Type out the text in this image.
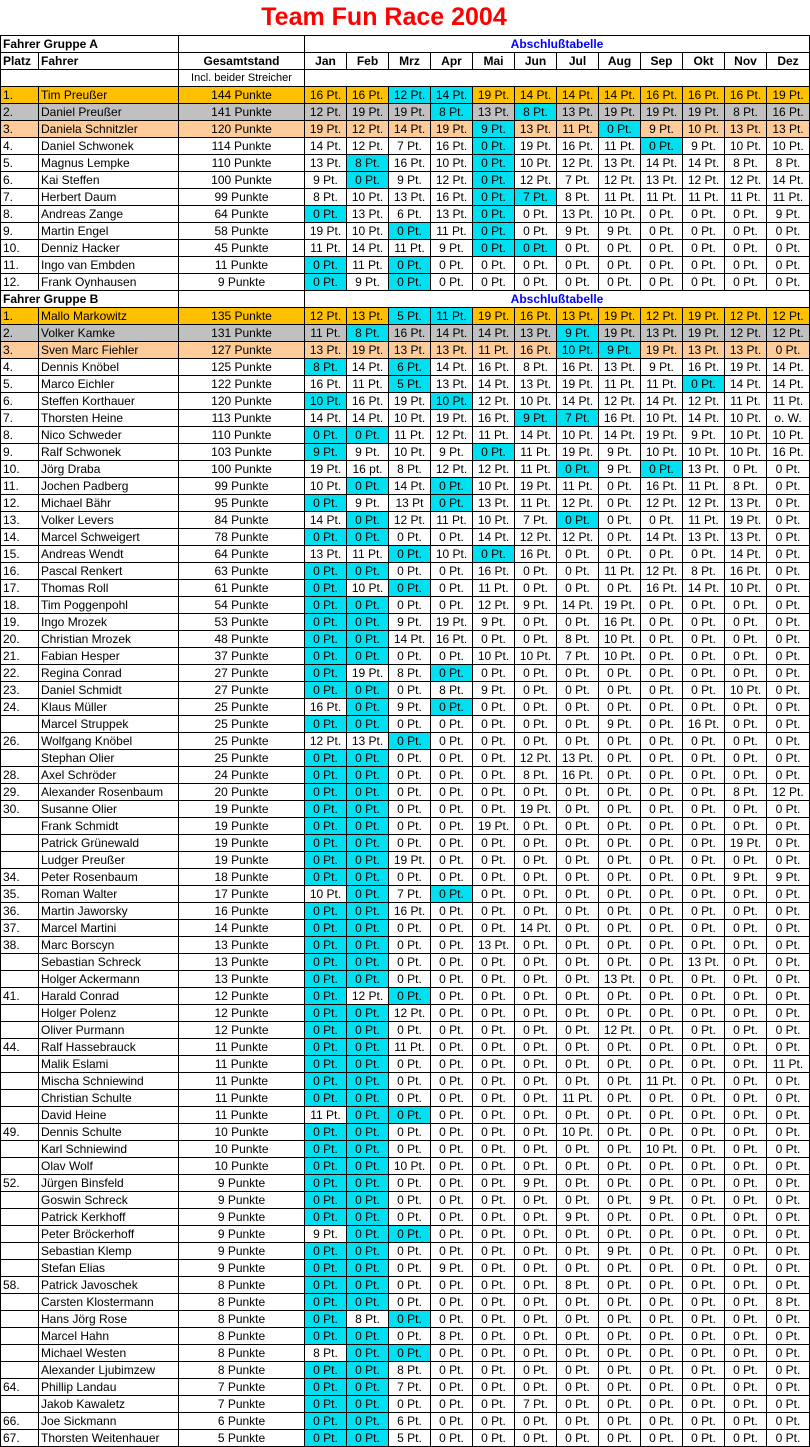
Team Fun Race 2004
Fahrer Gruppe A			Abschlußtabelle											
Platz	Fahrer	Gesamtstand	Jan	Feb	Mrz	Apr	Mai	Jun	Jul	Aug	Sep	Okt	Nov	Dez
		Incl. beider Streicher												
1.	Tim Preußer	144 Punkte	16 Pt.	16 Pt.	12 Pt.	14 Pt.	19 Pt.	14 Pt.	14 Pt.	14 Pt.	16 Pt.	16 Pt.	16 Pt.	19 Pt.
2.	Daniel Preußer	141 Punkte	12 Pt.	19 Pt.	19 Pt.	8 Pt.	13 Pt.	8 Pt.	13 Pt.	19 Pt.	19 Pt.	19 Pt.	8 Pt.	16 Pt.
3.	Daniela Schnitzler	120 Punkte	19 Pt.	12 Pt.	14 Pt.	19 Pt.	9 Pt.	13 Pt.	11 Pt.	0 Pt.	9 Pt.	10 Pt.	13 Pt.	13 Pt.
4.	Daniel Schwonek	114 Punkte	14 Pt.	12 Pt.	7 Pt.	16 Pt.	0 Pt.	19 Pt.	16 Pt.	11 Pt.	0 Pt.	9 Pt.	10 Pt.	10 Pt.
5.	Magnus Lempke	110 Punkte	13 Pt.	8 Pt.	16 Pt.	10 Pt.	0 Pt.	10 Pt.	12 Pt.	13 Pt.	14 Pt.	14 Pt.	8 Pt.	8 Pt.
6.	Kai Steffen	100 Punkte	9 Pt.	0 Pt.	9 Pt.	12 Pt.	0 Pt.	12 Pt.	7 Pt.	12 Pt.	13 Pt.	12 Pt.	12 Pt.	14 Pt.
7.	Herbert Daum	99 Punkte	8 Pt.	10 Pt.	13 Pt.	16 Pt.	0 Pt.	7 Pt.	8 Pt.	11 Pt.	11 Pt.	11 Pt.	11 Pt.	11 Pt.
8.	Andreas Zange	64 Punkte	0 Pt.	13 Pt.	6 Pt.	13 Pt.	0 Pt.	0 Pt.	13 Pt.	10 Pt.	0 Pt.	0 Pt.	0 Pt.	9 Pt.
9.	Martin Engel	58 Punkte	19 Pt.	10 Pt.	0 Pt.	11 Pt.	0 Pt.	0 Pt.	9 Pt.	9 Pt.	0 Pt.	0 Pt.	0 Pt.	0 Pt.
10.	Denniz Hacker	45 Punkte	11 Pt.	14 Pt.	11 Pt.	9 Pt.	0 Pt.	0 Pt.	0 Pt.	0 Pt.	0 Pt.	0 Pt.	0 Pt.	0 Pt.
11.	Ingo van Embden	11 Punkte	0 Pt.	11 Pt.	0 Pt.	0 Pt.	0 Pt.	0 Pt.	0 Pt.	0 Pt.	0 Pt.	0 Pt.	0 Pt.	0 Pt.
12.	Frank Oynhausen	9 Punkte	0 Pt.	9 Pt.	0 Pt.	0 Pt.	0 Pt.	0 Pt.	0 Pt.	0 Pt.	0 Pt.	0 Pt.	0 Pt.	0 Pt.
Fahrer Gruppe B			Abschlußtabelle											
1.	Mallo Markowitz	135 Punkte	12 Pt.	13 Pt.	5 Pt.	11 Pt.	19 Pt.	16 Pt.	13 Pt.	19 Pt.	12 Pt.	19 Pt.	12 Pt.	12 Pt.
2.	Volker Kamke	131 Punkte	11 Pt.	8 Pt.	16 Pt.	14 Pt.	14 Pt.	13 Pt.	9 Pt.	19 Pt.	13 Pt.	19 Pt.	12 Pt.	12 Pt.
3.	Sven Marc Fiehler	127 Punkte	13 Pt.	19 Pt.	13 Pt.	13 Pt.	11 Pt.	16 Pt.	10 Pt.	9 Pt.	19 Pt.	13 Pt.	13 Pt.	0 Pt.
4.	Dennis Knöbel	125 Punkte	8 Pt.	14 Pt.	6 Pt.	14 Pt.	16 Pt.	8 Pt.	16 Pt.	13 Pt.	9 Pt.	16 Pt.	19 Pt.	14 Pt.
5.	Marco Eichler	122 Punkte	16 Pt.	11 Pt.	5 Pt.	13 Pt.	14 Pt.	13 Pt.	19 Pt.	11 Pt.	11 Pt.	0 Pt.	14 Pt.	14 Pt.
6.	Steffen Korthauer	120 Punkte	10 Pt.	16 Pt.	19 Pt.	10 Pt.	12 Pt.	10 Pt.	14 Pt.	12 Pt.	14 Pt.	12 Pt.	11 Pt.	11 Pt.
7.	Thorsten Heine	113 Punkte	14 Pt.	14 Pt.	10 Pt.	19 Pt.	16 Pt.	9 Pt.	7 Pt.	16 Pt.	10 Pt.	14 Pt.	10 Pt.	o. W.
8.	Nico Schweder	110 Punkte	0 Pt.	0 Pt.	11 Pt.	12 Pt.	11 Pt.	14 Pt.	10 Pt.	14 Pt.	19 Pt.	9 Pt.	10 Pt.	10 Pt.
9.	Ralf Schwonek	103 Punkte	9 Pt.	9 Pt.	10 Pt.	9 Pt.	0 Pt.	11 Pt.	19 Pt.	9 Pt.	10 Pt.	10 Pt.	10 Pt.	16 Pt.
10.	Jörg Draba	100 Punkte	19 Pt.	16 pt.	8 Pt.	12 Pt.	12 Pt.	11 Pt.	0 Pt.	9 Pt.	0 Pt.	13 Pt.	0 Pt.	0 Pt.
11.	Jochen Padberg	99 Punkte	10 Pt.	0 Pt.	14 Pt.	0 Pt.	10 Pt.	19 Pt.	11 Pt.	0 Pt.	16 Pt.	11 Pt.	8 Pt.	0 Pt.
12.	Michael Bähr	95 Punkte	0 Pt.	9 Pt.	13 Pt	0 Pt.	13 Pt.	11 Pt.	12 Pt.	0 Pt.	12 Pt.	12 Pt.	13 Pt.	0 Pt.
13.	Volker Levers	84 Punkte	14 Pt.	0 Pt.	12 Pt.	11 Pt.	10 Pt.	7 Pt.	0 Pt.	0 Pt.	0 Pt.	11 Pt.	19 Pt.	0 Pt.
14.	Marcel Schweigert	78 Punkte	0 Pt.	0 Pt.	0 Pt.	0 Pt.	14 Pt.	12 Pt.	12 Pt.	0 Pt.	14 Pt.	13 Pt.	13 Pt.	0 Pt.
15.	Andreas Wendt	64 Punkte	13 Pt.	11 Pt.	0 Pt.	10 Pt.	0 Pt.	16 Pt.	0 Pt.	0 Pt.	0 Pt.	0 Pt.	14 Pt.	0 Pt.
16.	Pascal Renkert	63 Punkte	0 Pt.	0 Pt.	0 Pt.	0 Pt.	16 Pt.	0 Pt.	0 Pt.	11 Pt.	12 Pt.	8 Pt.	16 Pt.	0 Pt.
17.	Thomas Roll	61 Punkte	0 Pt.	10 Pt.	0 Pt.	0 Pt.	11 Pt.	0 Pt.	0 Pt.	0 Pt.	16 Pt.	14 Pt.	10 Pt.	0 Pt.
18.	Tim Poggenpohl	54 Punkte	0 Pt.	0 Pt.	0 Pt.	0 Pt.	12 Pt.	9 Pt.	14 Pt.	19 Pt.	0 Pt.	0 Pt.	0 Pt.	0 Pt.
19.	Ingo Mrozek	53 Punkte	0 Pt.	0 Pt.	9 Pt.	19 Pt.	9 Pt.	0 Pt.	0 Pt.	16 Pt.	0 Pt.	0 Pt.	0 Pt.	0 Pt.
20.	Christian Mrozek	48 Punkte	0 Pt.	0 Pt.	14 Pt.	16 Pt.	0 Pt.	0 Pt.	8 Pt.	10 Pt.	0 Pt.	0 Pt.	0 Pt.	0 Pt.
21.	Fabian Hesper	37 Punkte	0 Pt.	0 Pt.	0 Pt.	0 Pt.	10 Pt.	10 Pt.	7 Pt.	10 Pt.	0 Pt.	0 Pt.	0 Pt.	0 Pt.
22.	Regina Conrad	27 Punkte	0 Pt.	19 Pt.	8 Pt.	0 Pt.	0 Pt.	0 Pt.	0 Pt.	0 Pt.	0 Pt.	0 Pt.	0 Pt.	0 Pt.
23.	Daniel Schmidt	27 Punkte	0 Pt.	0 Pt.	0 Pt.	8 Pt.	9 Pt.	0 Pt.	0 Pt.	0 Pt.	0 Pt.	0 Pt.	10 Pt.	0 Pt.
24.	Klaus Müller	25 Punkte	16 Pt.	0 Pt.	9 Pt.	0 Pt.	0 Pt.	0 Pt.	0 Pt.	0 Pt.	0 Pt.	0 Pt.	0 Pt.	0 Pt.
	Marcel Struppek	25 Punkte	0 Pt.	0 Pt.	0 Pt.	0 Pt.	0 Pt.	0 Pt.	0 Pt.	9 Pt.	0 Pt.	16 Pt.	0 Pt.	0 Pt.
26.	Wolfgang Knöbel	25 Punkte	12 Pt.	13 Pt.	0 Pt.	0 Pt.	0 Pt.	0 Pt.	0 Pt.	0 Pt.	0 Pt.	0 Pt.	0 Pt.	0 Pt.
	Stephan Olier	25 Punkte	0 Pt.	0 Pt.	0 Pt.	0 Pt.	0 Pt.	12 Pt.	13 Pt.	0 Pt.	0 Pt.	0 Pt.	0 Pt.	0 Pt.
28.	Axel Schröder	24 Punkte	0 Pt.	0 Pt.	0 Pt.	0 Pt.	0 Pt.	8 Pt.	16 Pt.	0 Pt.	0 Pt.	0 Pt.	0 Pt.	0 Pt.
29.	Alexander Rosenbaum	20 Punkte	0 Pt.	0 Pt.	0 Pt.	0 Pt.	0 Pt.	0 Pt.	0 Pt.	0 Pt.	0 Pt.	0 Pt.	8 Pt.	12 Pt.
30.	Susanne Olier	19 Punkte	0 Pt.	0 Pt.	0 Pt.	0 Pt.	0 Pt.	19 Pt.	0 Pt.	0 Pt.	0 Pt.	0 Pt.	0 Pt.	0 Pt.
	Frank Schmidt	19 Punkte	0 Pt.	0 Pt.	0 Pt.	0 Pt.	19 Pt.	0 Pt.	0 Pt.	0 Pt.	0 Pt.	0 Pt.	0 Pt.	0 Pt.
	Patrick Grünewald	19 Punkte	0 Pt.	0 Pt.	0 Pt.	0 Pt.	0 Pt.	0 Pt.	0 Pt.	0 Pt.	0 Pt.	0 Pt.	19 Pt.	0 Pt.
	Ludger Preußer	19 Punkte	0 Pt.	0 Pt.	19 Pt.	0 Pt.	0 Pt.	0 Pt.	0 Pt.	0 Pt.	0 Pt.	0 Pt.	0 Pt.	0 Pt.
34.	Peter Rosenbaum	18 Punkte	0 Pt.	0 Pt.	0 Pt.	0 Pt.	0 Pt.	0 Pt.	0 Pt.	0 Pt.	0 Pt.	0 Pt.	9 Pt.	9 Pt.
35.	Roman Walter	17 Punkte	10 Pt.	0 Pt.	7 Pt.	0 Pt.	0 Pt.	0 Pt.	0 Pt.	0 Pt.	0 Pt.	0 Pt.	0 Pt.	0 Pt.
36.	Martin Jaworsky	16 Punkte	0 Pt.	0 Pt.	16 Pt.	0 Pt.	0 Pt.	0 Pt.	0 Pt.	0 Pt.	0 Pt.	0 Pt.	0 Pt.	0 Pt.
37.	Marcel Martini	14 Punkte	0 Pt.	0 Pt.	0 Pt.	0 Pt.	0 Pt.	14 Pt.	0 Pt.	0 Pt.	0 Pt.	0 Pt.	0 Pt.	0 Pt.
38.	Marc Borscyn	13 Punkte	0 Pt.	0 Pt.	0 Pt.	0 Pt.	13 Pt.	0 Pt.	0 Pt.	0 Pt.	0 Pt.	0 Pt.	0 Pt.	0 Pt.
	Sebastian Schreck	13 Punkte	0 Pt.	0 Pt.	0 Pt.	0 Pt.	0 Pt.	0 Pt.	0 Pt.	0 Pt.	0 Pt.	13 Pt.	0 Pt.	0 Pt.
	Holger Ackermann	13 Punkte	0 Pt.	0 Pt.	0 Pt.	0 Pt.	0 Pt.	0 Pt.	0 Pt.	13 Pt.	0 Pt.	0 Pt.	0 Pt.	0 Pt.
41.	Harald Conrad	12 Punkte	0 Pt.	12 Pt.	0 Pt.	0 Pt.	0 Pt.	0 Pt.	0 Pt.	0 Pt.	0 Pt.	0 Pt.	0 Pt.	0 Pt.
	Holger Polenz	12 Punkte	0 Pt.	0 Pt.	12 Pt.	0 Pt.	0 Pt.	0 Pt.	0 Pt.	0 Pt.	0 Pt.	0 Pt.	0 Pt.	0 Pt.
	Oliver Purmann	12 Punkte	0 Pt.	0 Pt.	0 Pt.	0 Pt.	0 Pt.	0 Pt.	0 Pt.	12 Pt.	0 Pt.	0 Pt.	0 Pt.	0 Pt.
44.	Ralf Hassebrauck	11 Punkte	0 Pt.	0 Pt.	11 Pt.	0 Pt.	0 Pt.	0 Pt.	0 Pt.	0 Pt.	0 Pt.	0 Pt.	0 Pt.	0 Pt.
	Malik Eslami	11 Punkte	0 Pt.	0 Pt.	0 Pt.	0 Pt.	0 Pt.	0 Pt.	0 Pt.	0 Pt.	0 Pt.	0 Pt.	0 Pt.	11 Pt.
	Mischa Schniewind	11 Punkte	0 Pt.	0 Pt.	0 Pt.	0 Pt.	0 Pt.	0 Pt.	0 Pt.	0 Pt.	11 Pt.	0 Pt.	0 Pt.	0 Pt.
	Christian Schulte	11 Punkte	0 Pt.	0 Pt.	0 Pt.	0 Pt.	0 Pt.	0 Pt.	11 Pt.	0 Pt.	0 Pt.	0 Pt.	0 Pt.	0 Pt.
	David Heine	11 Punkte	11 Pt.	0 Pt.	0 Pt.	0 Pt.	0 Pt.	0 Pt.	0 Pt.	0 Pt.	0 Pt.	0 Pt.	0 Pt.	0 Pt.
49.	Dennis Schulte	10 Punkte	0 Pt.	0 Pt.	0 Pt.	0 Pt.	0 Pt.	0 Pt.	10 Pt.	0 Pt.	0 Pt.	0 Pt.	0 Pt.	0 Pt.
	Karl Schniewind	10 Punkte	0 Pt.	0 Pt.	0 Pt.	0 Pt.	0 Pt.	0 Pt.	0 Pt.	0 Pt.	10 Pt.	0 Pt.	0 Pt.	0 Pt.
	Olav Wolf	10 Punkte	0 Pt.	0 Pt.	10 Pt.	0 Pt.	0 Pt.	0 Pt.	0 Pt.	0 Pt.	0 Pt.	0 Pt.	0 Pt.	0 Pt.
52.	Jürgen Binsfeld	9 Punkte	0 Pt.	0 Pt.	0 Pt.	0 Pt.	0 Pt.	9 Pt.	0 Pt.	0 Pt.	0 Pt.	0 Pt.	0 Pt.	0 Pt.
	Goswin Schreck	9 Punkte	0 Pt.	0 Pt.	0 Pt.	0 Pt.	0 Pt.	0 Pt.	0 Pt.	0 Pt.	9 Pt.	0 Pt.	0 Pt.	0 Pt.
	Patrick Kerkhoff	9 Punkte	0 Pt.	0 Pt.	0 Pt.	0 Pt.	0 Pt.	0 Pt.	9 Pt.	0 Pt.	0 Pt.	0 Pt.	0 Pt.	0 Pt.
	Peter Bröckerhoff	9 Punkte	9 Pt.	0 Pt.	0 Pt.	0 Pt.	0 Pt.	0 Pt.	0 Pt.	0 Pt.	0 Pt.	0 Pt.	0 Pt.	0 Pt.
	Sebastian Klemp	9 Punkte	0 Pt.	0 Pt.	0 Pt.	0 Pt.	0 Pt.	0 Pt.	0 Pt.	9 Pt.	0 Pt.	0 Pt.	0 Pt.	0 Pt.
	Stefan Elias	9 Punkte	0 Pt.	0 Pt.	0 Pt.	9 Pt.	0 Pt.	0 Pt.	0 Pt.	0 Pt.	0 Pt.	0 Pt.	0 Pt.	0 Pt.
58.	Patrick Javoschek	8 Punkte	0 Pt.	0 Pt.	0 Pt.	0 Pt.	0 Pt.	0 Pt.	8 Pt.	0 Pt.	0 Pt.	0 Pt.	0 Pt.	0 Pt.
	Carsten Klostermann	8 Punkte	0 Pt.	0 Pt.	0 Pt.	0 Pt.	0 Pt.	0 Pt.	0 Pt.	0 Pt.	0 Pt.	0 Pt.	0 Pt.	8 Pt.
	Hans Jörg Rose	8 Punkte	0 Pt.	8 Pt.	0 Pt.	0 Pt.	0 Pt.	0 Pt.	0 Pt.	0 Pt.	0 Pt.	0 Pt.	0 Pt.	0 Pt.
	Marcel Hahn	8 Punkte	0 Pt.	0 Pt.	0 Pt.	8 Pt.	0 Pt.	0 Pt.	0 Pt.	0 Pt.	0 Pt.	0 Pt.	0 Pt.	0 Pt.
	Michael Westen	8 Punkte	8 Pt.	0 Pt.	0 Pt.	0 Pt.	0 Pt.	0 Pt.	0 Pt.	0 Pt.	0 Pt.	0 Pt.	0 Pt.	0 Pt.
	Alexander Ljubimzew	8 Punkte	0 Pt.	0 Pt.	8 Pt.	0 Pt.	0 Pt.	0 Pt.	0 Pt.	0 Pt.	0 Pt.	0 Pt.	0 Pt.	0 Pt.
64.	Phillip Landau	7 Punkte	0 Pt.	0 Pt.	7 Pt.	0 Pt.	0 Pt.	0 Pt.	0 Pt.	0 Pt.	0 Pt.	0 Pt.	0 Pt.	0 Pt.
	Jakob Kawaletz	7 Punkte	0 Pt.	0 Pt.	0 Pt.	0 Pt.	0 Pt.	7 Pt.	0 Pt.	0 Pt.	0 Pt.	0 Pt.	0 Pt.	0 Pt.
66.	Joe Sickmann	6 Punkte	0 Pt.	0 Pt.	6 Pt.	0 Pt.	0 Pt.	0 Pt.	0 Pt.	0 Pt.	0 Pt.	0 Pt.	0 Pt.	0 Pt.
67.	Thorsten Weitenhauer	5 Punkte	0 Pt.	0 Pt.	5 Pt.	0 Pt.	0 Pt.	0 Pt.	0 Pt.	0 Pt.	0 Pt.	0 Pt.	0 Pt.	0 Pt.
